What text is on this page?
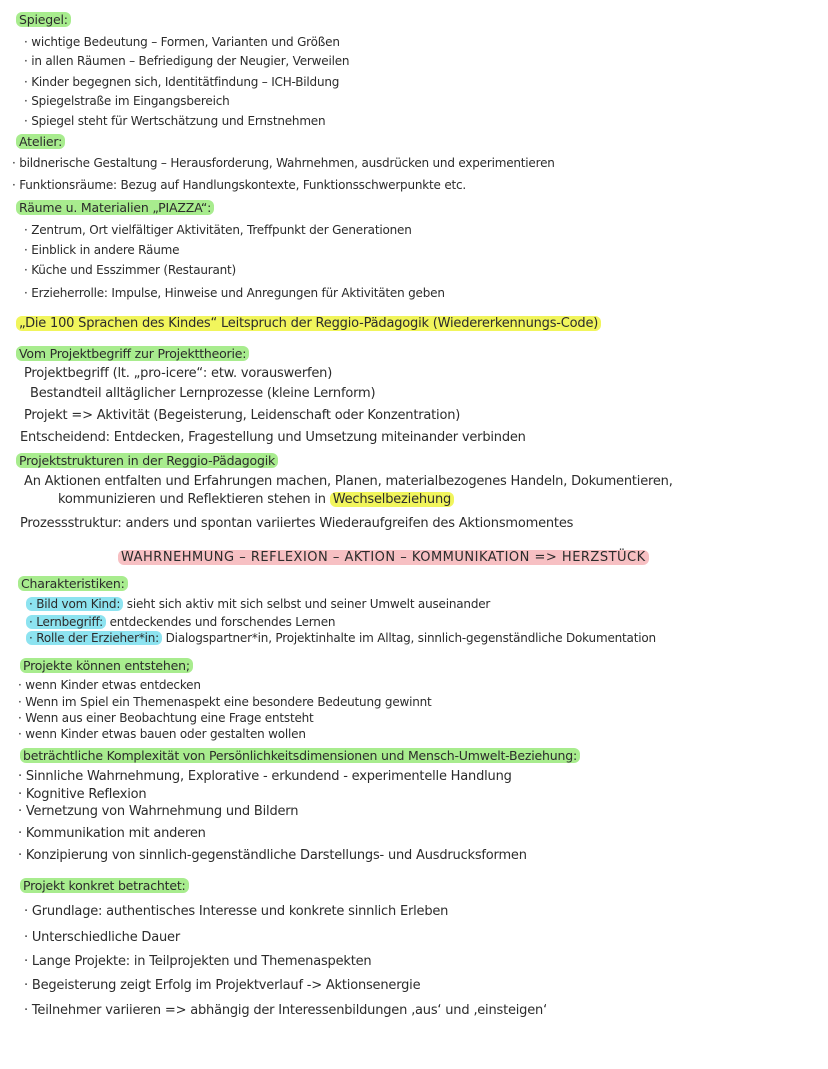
Spiegel:
· wichtige Bedeutung – Formen, Varianten und Größen
· in allen Räumen – Befriedigung der Neugier, Verweilen
· Kinder begegnen sich, Identitätfindung – ICH-Bildung
· Spiegelstraße im Eingangsbereich
· Spiegel steht für Wertschätzung und Ernstnehmen
Atelier:
· bildnerische Gestaltung – Herausforderung, Wahrnehmen, ausdrücken und experimentieren
· Funktionsräume: Bezug auf Handlungskontexte, Funktionsschwerpunkte etc.
Räume u. Materialien „PIAZZA“:
· Zentrum, Ort vielfältiger Aktivitäten, Treffpunkt der Generationen
· Einblick in andere Räume
· Küche und Esszimmer (Restaurant)
· Erzieherrolle: Impulse, Hinweise und Anregungen für Aktivitäten geben
„Die 100 Sprachen des Kindes“ Leitspruch der Reggio-Pädagogik (Wiedererkennungs-Code)
Vom Projektbegriff zur Projekttheorie:
Projektbegriff (lt. „pro-icere“: etw. vorauswerfen)
Bestandteil alltäglicher Lernprozesse (kleine Lernform)
Projekt => Aktivität (Begeisterung, Leidenschaft oder Konzentration)
Entscheidend: Entdecken, Fragestellung und Umsetzung miteinander verbinden
Projektstrukturen in der Reggio-Pädagogik
An Aktionen entfalten und Erfahrungen machen, Planen, materialbezogenes Handeln, Dokumentieren,
kommunizieren und Reflektieren stehen in Wechselbeziehung
Prozessstruktur: anders und spontan variiertes Wiederaufgreifen des Aktionsmomentes
WAHRNEHMUNG – REFLEXION – AKTION – KOMMUNIKATION => HERZSTÜCK
Charakteristiken:
· Bild vom Kind: sieht sich aktiv mit sich selbst und seiner Umwelt auseinander
· Lernbegriff: entdeckendes und forschendes Lernen
· Rolle der Erzieher*in: Dialogspartner*in, Projektinhalte im Alltag, sinnlich-gegenständliche Dokumentation
Projekte können entstehen;
· wenn Kinder etwas entdecken
· Wenn im Spiel ein Themenaspekt eine besondere Bedeutung gewinnt
· Wenn aus einer Beobachtung eine Frage entsteht
· wenn Kinder etwas bauen oder gestalten wollen
beträchtliche Komplexität von Persönlichkeitsdimensionen und Mensch-Umwelt-Beziehung:
· Sinnliche Wahrnehmung, Explorative - erkundend - experimentelle Handlung
· Kognitive Reflexion
· Vernetzung von Wahrnehmung und Bildern
· Kommunikation mit anderen
· Konzipierung von sinnlich-gegenständliche Darstellungs- und Ausdrucksformen
Projekt konkret betrachtet:
· Grundlage: authentisches Interesse und konkrete sinnlich Erleben
· Unterschiedliche Dauer
· Lange Projekte: in Teilprojekten und Themenaspekten
· Begeisterung zeigt Erfolg im Projektverlauf -> Aktionsenergie
· Teilnehmer variieren => abhängig der Interessenbildungen ‚aus‘ und ‚einsteigen‘
